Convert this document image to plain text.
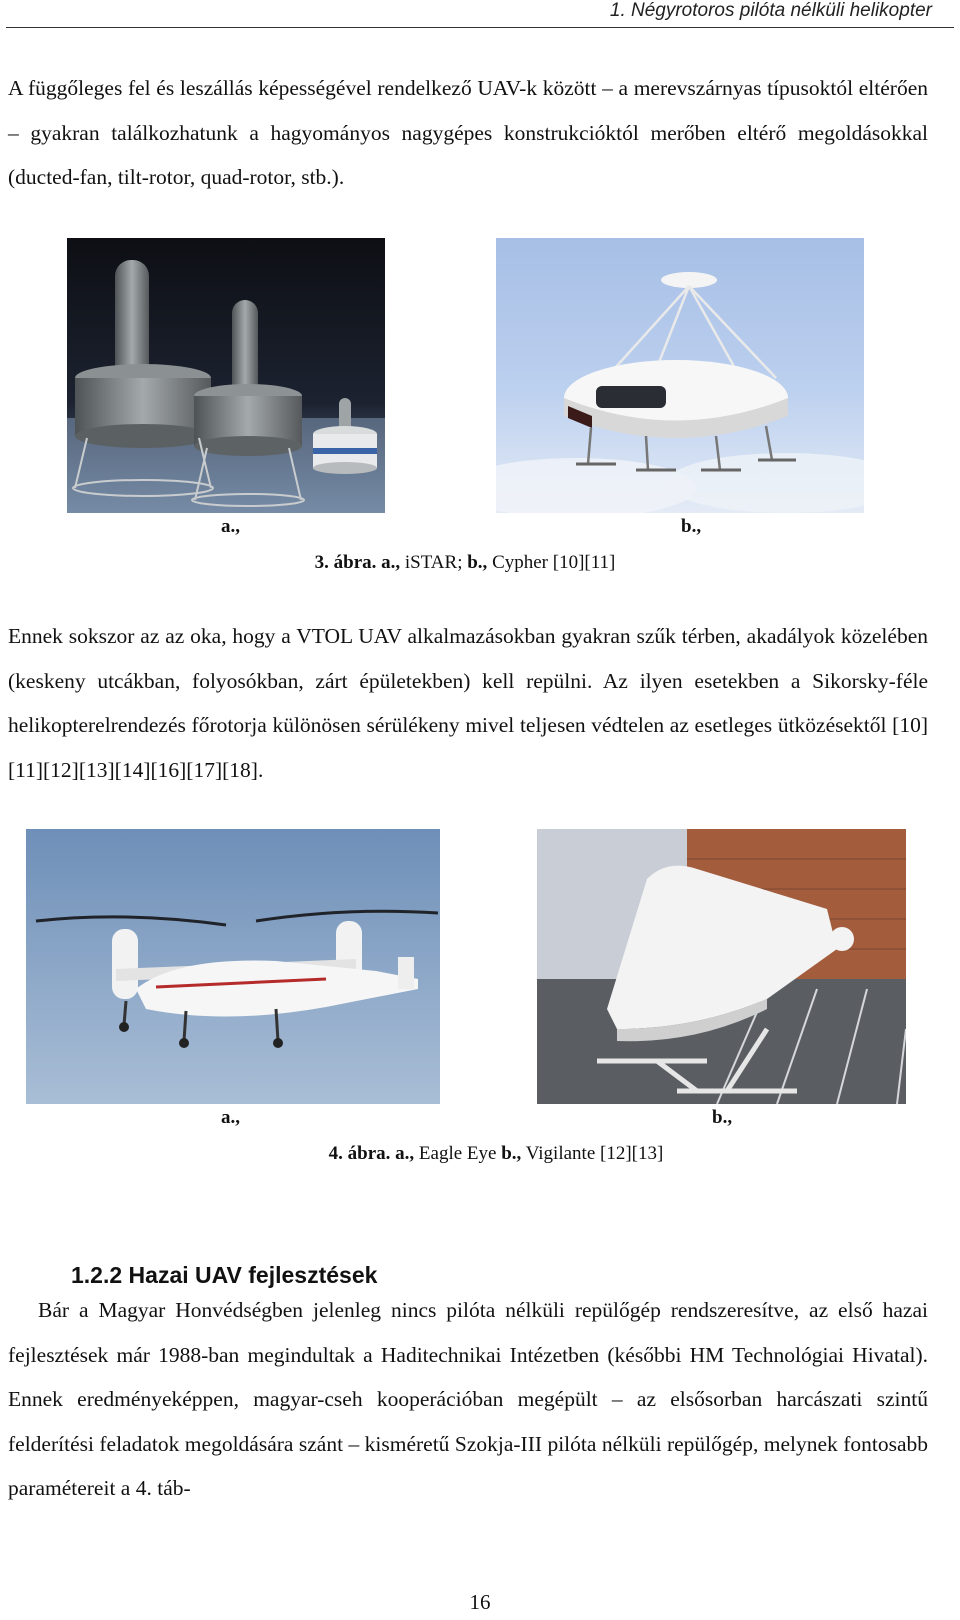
1. Négyrotoros pilóta nélküli helikopter

A függőleges fel és leszállás képességével rendelkező UAV-k között – a merevszárnyas típusoktól eltérően – gyakran találkozhatunk a hagyományos nagygépes konstrukcióktól merőben eltérő megoldásokkal (ducted-fan, tilt-rotor, quad-rotor, stb.).

a.,	b.,
3. ábra. a., iSTAR; b., Cypher [10][11]

Ennek sokszor az az oka, hogy a VTOL UAV alkalmazásokban gyakran szűk térben, akadályok közelében (keskeny utcákban, folyosókban, zárt épületekben) kell repülni. Az ilyen esetekben a Sikorsky-féle helikopterelrendezés főrotorja különösen sérülékeny mivel teljesen védtelen az esetleges ütközésektől [10][11][12][13][14][16][17][18].

a.,	b.,
4. ábra. a., Eagle Eye b., Vigilante [12][13]
1.2.2 Hazai UAV fejlesztések

Bár a Magyar Honvédségben jelenleg nincs pilóta nélküli repülőgép rendszeresítve, az első hazai fejlesztések már 1988-ban megindultak a Haditechnikai Intézetben (későbbi HM Technológiai Hivatal). Ennek eredményeképpen, magyar-cseh kooperációban megépült – az elsősorban harcászati szintű felderítési feladatok megoldására szánt – kisméretű Szokja-III pilóta nélküli repülőgép, melynek fontosabb paramétereit a 4. táb-

16
